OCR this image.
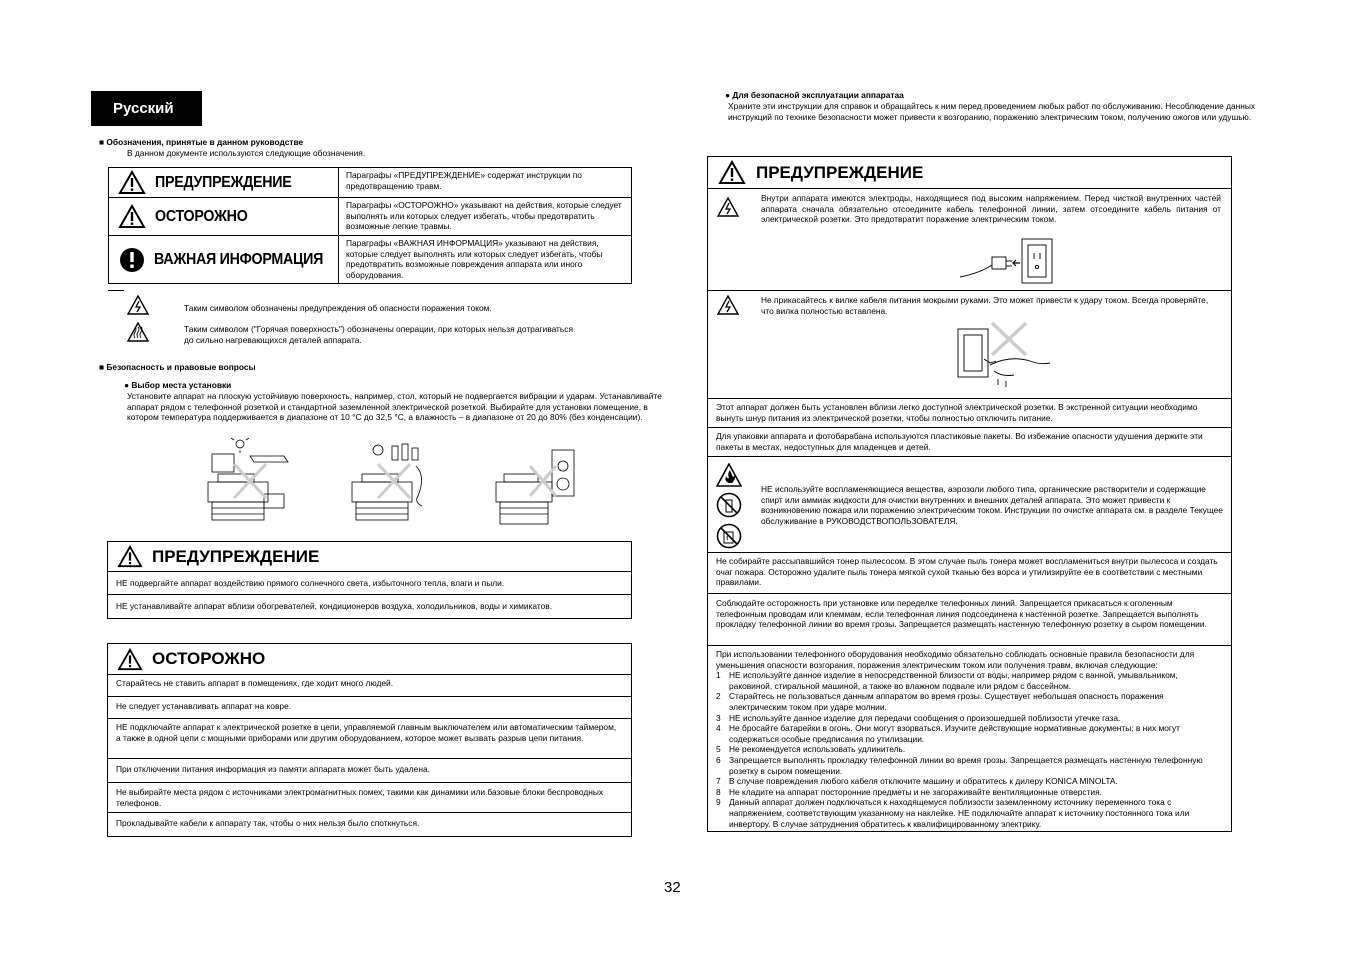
Русский
■ Обозначения, принятые в данном руководстве
В данном документе используются следующие обозначения.
ПРЕДУПРЕЖДЕНИЕ	Параграфы «ПРЕДУПРЕЖДЕНИЕ» содержат инструкции по предотвращению травм.
ОСТОРОЖНО
Параграфы «ОСТОРОЖНО» указывают на действия, которые следует выполнять или которых следует избегать, чтобы предотвратить возможные легкие травмы.
ВАЖНАЯ ИНФОРМАЦИЯ
Параграфы «ВАЖНАЯ ИНФОРМАЦИЯ» указывают на действия, которые следует выполнять или которых следует избегать, чтобы предотвратить возможные повреждения аппарата или иного оборудования.
Таким символом обозначены предупреждения об опасности поражения током.
Таким символом ("Горячая поверхность") обозначены операции, при которых нельзя дотрагиваться до сильно нагревающихся деталей аппарата.
■ Безопасность и правовые вопросы
● Выбор места установки
Установите аппарат на плоскую устойчивую поверхность, например, стол, который не подвергается вибрации и ударам. Устанавливайте аппарат рядом с телефонной розеткой и стандартной заземленной электрической розеткой. Выбирайте для установки помещение, в котором температура поддерживается в диапазоне от 10 °C до 32,5 °C, а влажность – в диапазоне от 20 до 80% (без конденсации).
ПРЕДУПРЕЖДЕНИЕ
НЕ подвергайте аппарат воздействию прямого солнечного света, избыточного тепла, влаги и пыли.
НЕ устанавливайте аппарат вблизи обогревателей, кондиционеров воздуха, холодильников, воды и химикатов.
ОСТОРОЖНО
Старайтесь не ставить аппарат в помещениях, где ходит много людей.
Не следует устанавливать аппарат на ковре.
НЕ подключайте аппарат к электрической розетке в цепи, управляемой главным выключателем или автоматическим таймером, а также в одной цепи с мощными приборами или другим оборудованием, которое может вызвать разрыв цепи питания.
При отключении питания информация из памяти аппарата может быть удалена.
Не выбирайте места рядом с источниками электромагнитных помех, такими как динамики или базовые блоки беспроводных телефонов.
Прокладывайте кабели к аппарату так, чтобы о них нельзя было споткнуться.
● Для безопасной эксплуатации аппаратаа
Храните эти инструкции для справок и обращайтесь к ним перед проведением любых работ по обслуживанию. Несоблюдение данных инструкций по технике безопасности может привести к возгоранию, поражению электрическим током, получению ожогов или удушью.
ПРЕДУПРЕЖДЕНИЕ
Внутри аппарата имеются электроды, находящиеся под высоким напряжением. Перед чисткой внутренних частей аппарата сначала обязательно отсоедините кабель телефонной линии, затем отсоедините кабель питания от электрической розетки. Это предотвратит поражение электрическим током.
Не прикасайтесь к вилке кабеля питания мокрыми руками. Это может привести к удару током. Всегда проверяйте, что вилка полностью вставлена.
Этот аппарат должен быть установлен вблизи легко доступной электрической розетки. В экстренной ситуации необходимо вынуть шнур питания из электрической розетки, чтобы полностью отключить питание.
Для упаковки аппарата и фотобарабана используются пластиковые пакеты. Во избежание опасности удушения держите эти пакеты в местах, недоступных для младенцев и детей.
НЕ используйте воспламеняющиеся вещества, аэрозоли любого типа, органические растворители и содержащие спирт или аммиак жидкости для очистки внутренних и внешних деталей аппарата. Это может привести к возникновению пожара или поражению электрическим током. Инструкции по очистке аппарата см. в разделе Текущее обслуживание в РУКОВОДСТВОПОЛЬЗОВАТЕЛЯ.
Не собирайте рассыпавшийся тонер пылесосом. В этом случае пыль тонера может воспламениться внутри пылесоса и создать очаг пожара. Осторожно удалите пыль тонера мягкой сухой тканью без ворса и утилизируйте ее в соответствии с местными правилами.
Соблюдайте осторожность при установке или переделке телефонных линий. Запрещается прикасаться к оголенным телефонным проводам или клеммам, если телефонная линия подсоединена к настенной розетке. Запрещается выполнять прокладку телефонной линии во время грозы. Запрещается размещать настенную телефонную розетку в сыром помещении.
При использовании телефонного оборудования необходимо обязательно соблюдать основные правила безопасности для уменьшения опасности возгорания, поражения электрическим током или получения травм, включая следующие:
1 НЕ используйте данное изделие в непосредственной близости от воды, например рядом с ванной, умывальником, раковиной, стиральной машиной, а также во влажном подвале или рядом с бассейном.
2 Старайтесь не пользоваться данным аппаратом во время грозы. Существует небольшая опасность поражения электрическим током при ударе молнии.
3 НЕ используйте данное изделие для передачи сообщения о произошедшей поблизости утечке газа.
4 Не бросайте батарейки в огонь. Они могут взорваться. Изучите действующие нормативные документы; в них могут содержаться особые предписания по утилизации.
5 Не рекомендуется использовать удлинитель.
6 Запрещается выполнять прокладку телефонной линии во время грозы. Запрещается размещать настенную телефонную розетку в сыром помещении.
7 В случае повреждения любого кабеля отключите машину и обратитесь к дилеру KONICA MINOLTA.
8 Не кладите на аппарат посторонние предметы и не загораживайте вентиляционные отверстия.
9 Данный аппарат должен подключаться к находящемуся поблизости заземленному источнику переменного тока с напряжением, соответствующим указанному на наклейке. НЕ подключайте аппарат к источнику постоянного тока или инвертору. В случае затруднения обратитесь к квалифицированному электрику.
32
